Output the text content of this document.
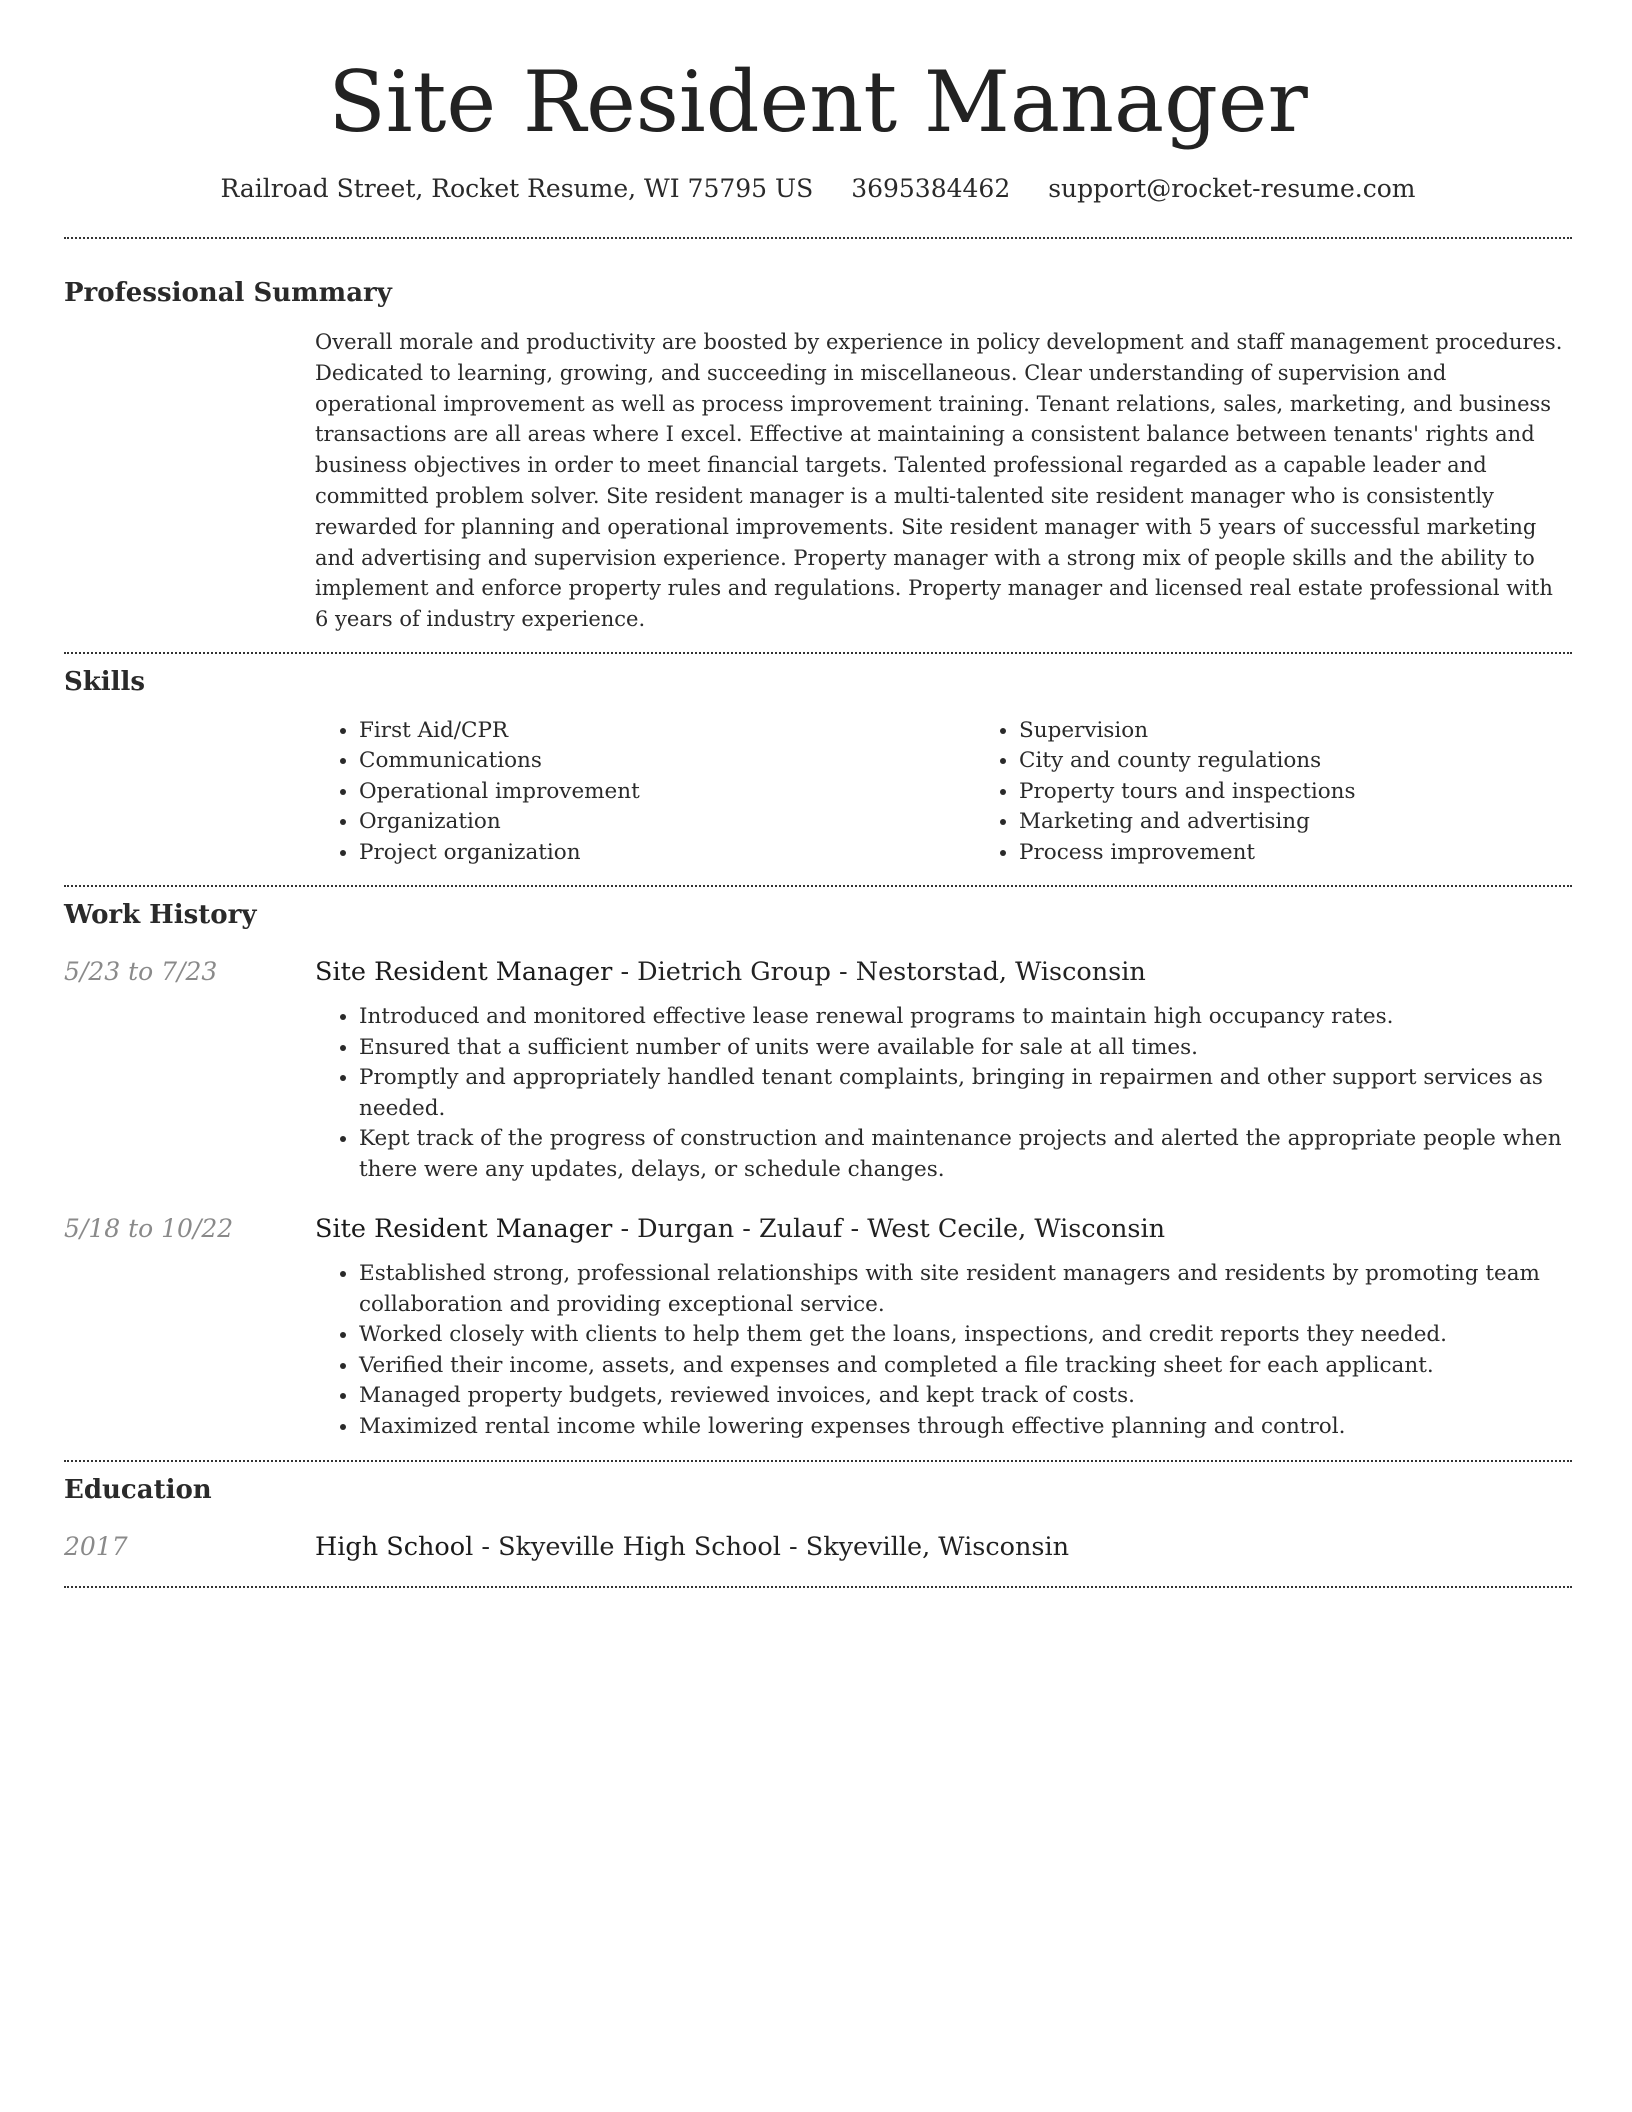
Site Resident Manager
Railroad Street, Rocket Resume, WI 75795 US 3695384462 support@rocket-resume.com
Professional Summary

Overall morale and productivity are boosted by experience in policy development and staff management procedures. Dedicated to learning, growing, and succeeding in miscellaneous. Clear understanding of supervision and operational improvement as well as process improvement training. Tenant relations, sales, marketing, and business transactions are all areas where I excel. Effective at maintaining a consistent balance between tenants' rights and business objectives in order to meet financial targets. Talented professional regarded as a capable leader and committed problem solver. Site resident manager is a multi-talented site resident manager who is consistently rewarded for planning and operational improvements. Site resident manager with 5 years of successful marketing and advertising and supervision experience. Property manager with a strong mix of people skills and the ability to implement and enforce property rules and regulations. Property manager and licensed real estate professional with 6 years of industry experience.

Skills
• First Aid/CPR
• Communications
• Operational improvement
• Organization
• Project organization
• Supervision
• City and county regulations
• Property tours and inspections
• Marketing and advertising
• Process improvement
Work History
5/23 to 7/23	Site Resident Manager - Dietrich Group - Nestorstad, Wisconsin

• Introduced and monitored effective lease renewal programs to maintain high occupancy rates.
• Ensured that a sufficient number of units were available for sale at all times.
• Promptly and appropriately handled tenant complaints, bringing in repairmen and other support services as needed.
• Kept track of the progress of construction and maintenance projects and alerted the appropriate people when there were any updates, delays, or schedule changes.
5/18 to 10/22	Site Resident Manager - Durgan - Zulauf - West Cecile, Wisconsin

• Established strong, professional relationships with site resident managers and residents by promoting team collaboration and providing exceptional service.
• Worked closely with clients to help them get the loans, inspections, and credit reports they needed.
• Verified their income, assets, and expenses and completed a file tracking sheet for each applicant.
• Managed property budgets, reviewed invoices, and kept track of costs.
• Maximized rental income while lowering expenses through effective planning and control.
Education
2017	High School - Skyeville High School - Skyeville, Wisconsin
